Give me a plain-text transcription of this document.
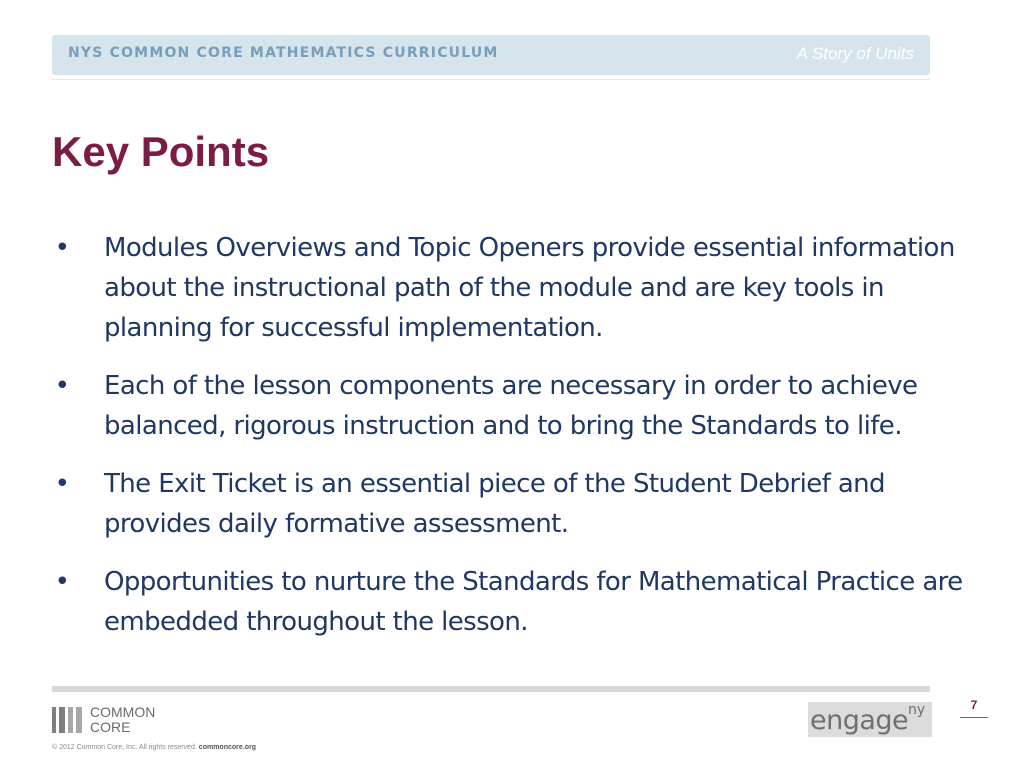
NYS COMMON CORE MATHEMATICS CURRICULUM	A Story of Units
Key Points
• Modules Overviews and Topic Openers provide essential information about the instructional path of the module and are key tools in planning for successful implementation.
• Each of the lesson components are necessary in order to achieve balanced, rigorous instruction and to bring the Standards to life.
• The Exit Ticket is an essential piece of the Student Debrief and provides daily formative assessment.
• Opportunities to nurture the Standards for Mathematical Practice are embedded throughout the lesson.
COMMON
CORE
© 2012 Common Core, Inc. All rights reserved. commoncore.org
engage ny	7
